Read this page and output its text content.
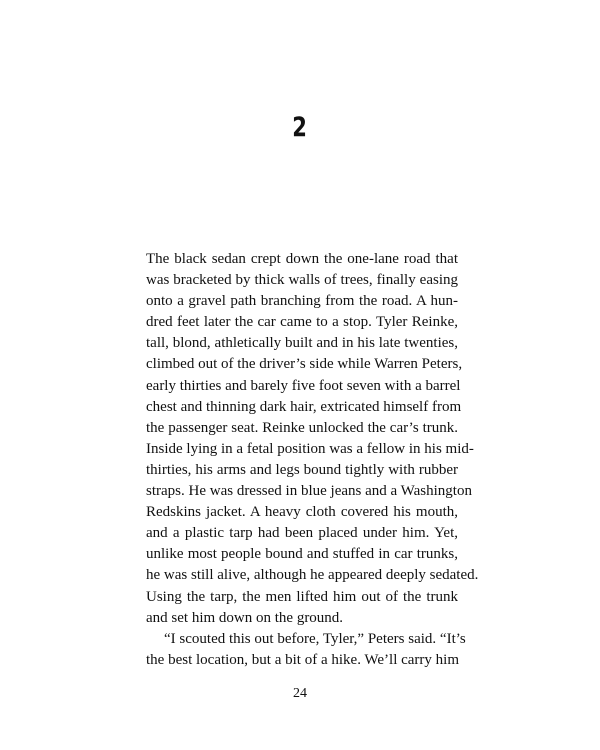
2
The black sedan crept down the one-lane road that
was bracketed by thick walls of trees, finally easing
onto a gravel path branching from the road. A hun-
dred feet later the car came to a stop. Tyler Reinke,
tall, blond, athletically built and in his late twenties,
climbed out of the driver’s side while Warren Peters,
early thirties and barely five foot seven with a barrel
chest and thinning dark hair, extricated himself from
the passenger seat. Reinke unlocked the car’s trunk.
Inside lying in a fetal position was a fellow in his mid-
thirties, his arms and legs bound tightly with rubber
straps. He was dressed in blue jeans and a Washington
Redskins jacket. A heavy cloth covered his mouth,
and a plastic tarp had been placed under him. Yet,
unlike most people bound and stuffed in car trunks,
he was still alive, although he appeared deeply sedated.
Using the tarp, the men lifted him out of the trunk
and set him down on the ground.
“I scouted this out before, Tyler,” Peters said. “It’s
the best location, but a bit of a hike. We’ll carry him
24
